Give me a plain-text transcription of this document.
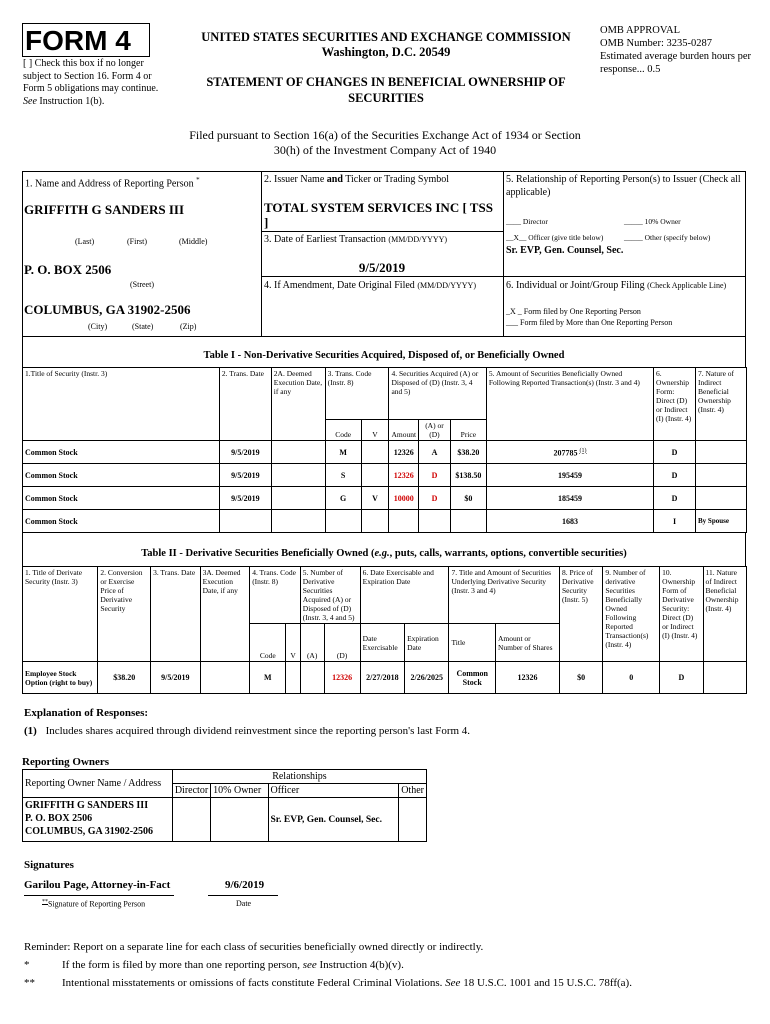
FORM 4
[ ] Check this box if no longer subject to Section 16. Form 4 or Form 5 obligations may continue. See Instruction 1(b).
UNITED STATES SECURITIES AND EXCHANGE COMMISSION
Washington, D.C. 20549
STATEMENT OF CHANGES IN BENEFICIAL OWNERSHIP OF SECURITIES
OMB APPROVAL
OMB Number: 3235-0287
Estimated average burden hours per response... 0.5
Filed pursuant to Section 16(a) of the Securities Exchange Act of 1934 or Section 30(h) of the Investment Company Act of 1940
1. Name and Address of Reporting Person *
GRIFFITH G SANDERS III
(Last)	(First)	(Middle)
P. O. BOX 2506
(Street)
COLUMBUS, GA 31902-2506
(City)	(State)	(Zip)
2. Issuer Name and Ticker or Trading Symbol
TOTAL SYSTEM SERVICES INC [ TSS ]
3. Date of Earliest Transaction (MM/DD/YYYY)
9/5/2019
4. If Amendment, Date Original Filed (MM/DD/YYYY)
5. Relationship of Reporting Person(s) to Issuer (Check all applicable)
____ Director	_____ 10% Owner
__X__ Officer (give title below)	_____ Other (specify below)
Sr. EVP, Gen. Counsel, Sec.
6. Individual or Joint/Group Filing (Check Applicable Line)
_X _ Form filed by One Reporting Person
___ Form filed by More than One Reporting Person
Table I - Non-Derivative Securities Acquired, Disposed of, or Beneficially Owned
1.Title of Security (Instr. 3)	2. Trans. Date	2A. Deemed Execution Date, if any	3. Trans. Code (Instr. 8)		4. Securities Acquired (A) or Disposed of (D) (Instr. 3, 4 and 5)			5. Amount of Securities Beneficially Owned Following Reported Transaction(s) (Instr. 3 and 4)	6. Ownership Form: Direct (D) or Indirect (I) (Instr. 4)	7. Nature of Indirect Beneficial Ownership (Instr. 4)
			Code	V	Amount	(A) or (D)	Price			
Common Stock	9/5/2019		M		12326	A	$38.20	207785 $^{(1)}$	D	
Common Stock	9/5/2019		S		12326	D	$138.50	195459	D	
Common Stock	9/5/2019		G	V	10000	D	$0	185459	D	
Common Stock								1683	I	By Spouse
Table II - Derivative Securities Beneficially Owned (e.g., puts, calls, warrants, options, convertible securities)
1. Title of Derivate Security (Instr. 3)	2. Conversion or Exercise Price of Derivative Security	3. Trans. Date	3A. Deemed Execution Date, if any	4. Trans. Code (Instr. 8)		5. Number of Derivative Securities Acquired (A) or Disposed of (D) (Instr. 3, 4 and 5)		6. Date Exercisable and Expiration Date		7. Title and Amount of Securities Underlying Derivative Security (Instr. 3 and 4)		8. Price of Derivative Security (Instr. 5)	9. Number of derivative Securities Beneficially Owned Following Reported Transaction(s) (Instr. 4)	10. Ownership Form of Derivative Security: Direct (D) or Indirect (I) (Instr. 4)	11. Nature of Indirect Beneficial Ownership (Instr. 4)
				Code	V	(A)	(D)	Date Exercisable	Expiration Date	Title	Amount or Number of Shares				
Employee Stock Option (right to buy)	$38.20	9/5/2019		M			12326	2/27/2018	2/26/2025	Common Stock	12326	$0	0	D	
Explanation of Responses:
(1) Includes shares acquired through dividend reinvestment since the reporting person's last Form 4.
Reporting Owners
Reporting Owner Name / Address	Relationships			
	Director	10% Owner	Officer	Other

GRIFFITH G SANDERS III
P. O. BOX 2506
COLUMBUS, GA 31902-2506			Sr. EVP, Gen. Counsel, Sec.	
Signatures
Garilou Page, Attorney-in-Fact	9/6/2019
**Signature of Reporting Person	Date
Reminder: Report on a separate line for each class of securities beneficially owned directly or indirectly.
*	If the form is filed by more than one reporting person, see Instruction 4(b)(v).
** Intentional misstatements or omissions of facts constitute Federal Criminal Violations. See 18 U.S.C. 1001 and 15 U.S.C. 78ff(a).
